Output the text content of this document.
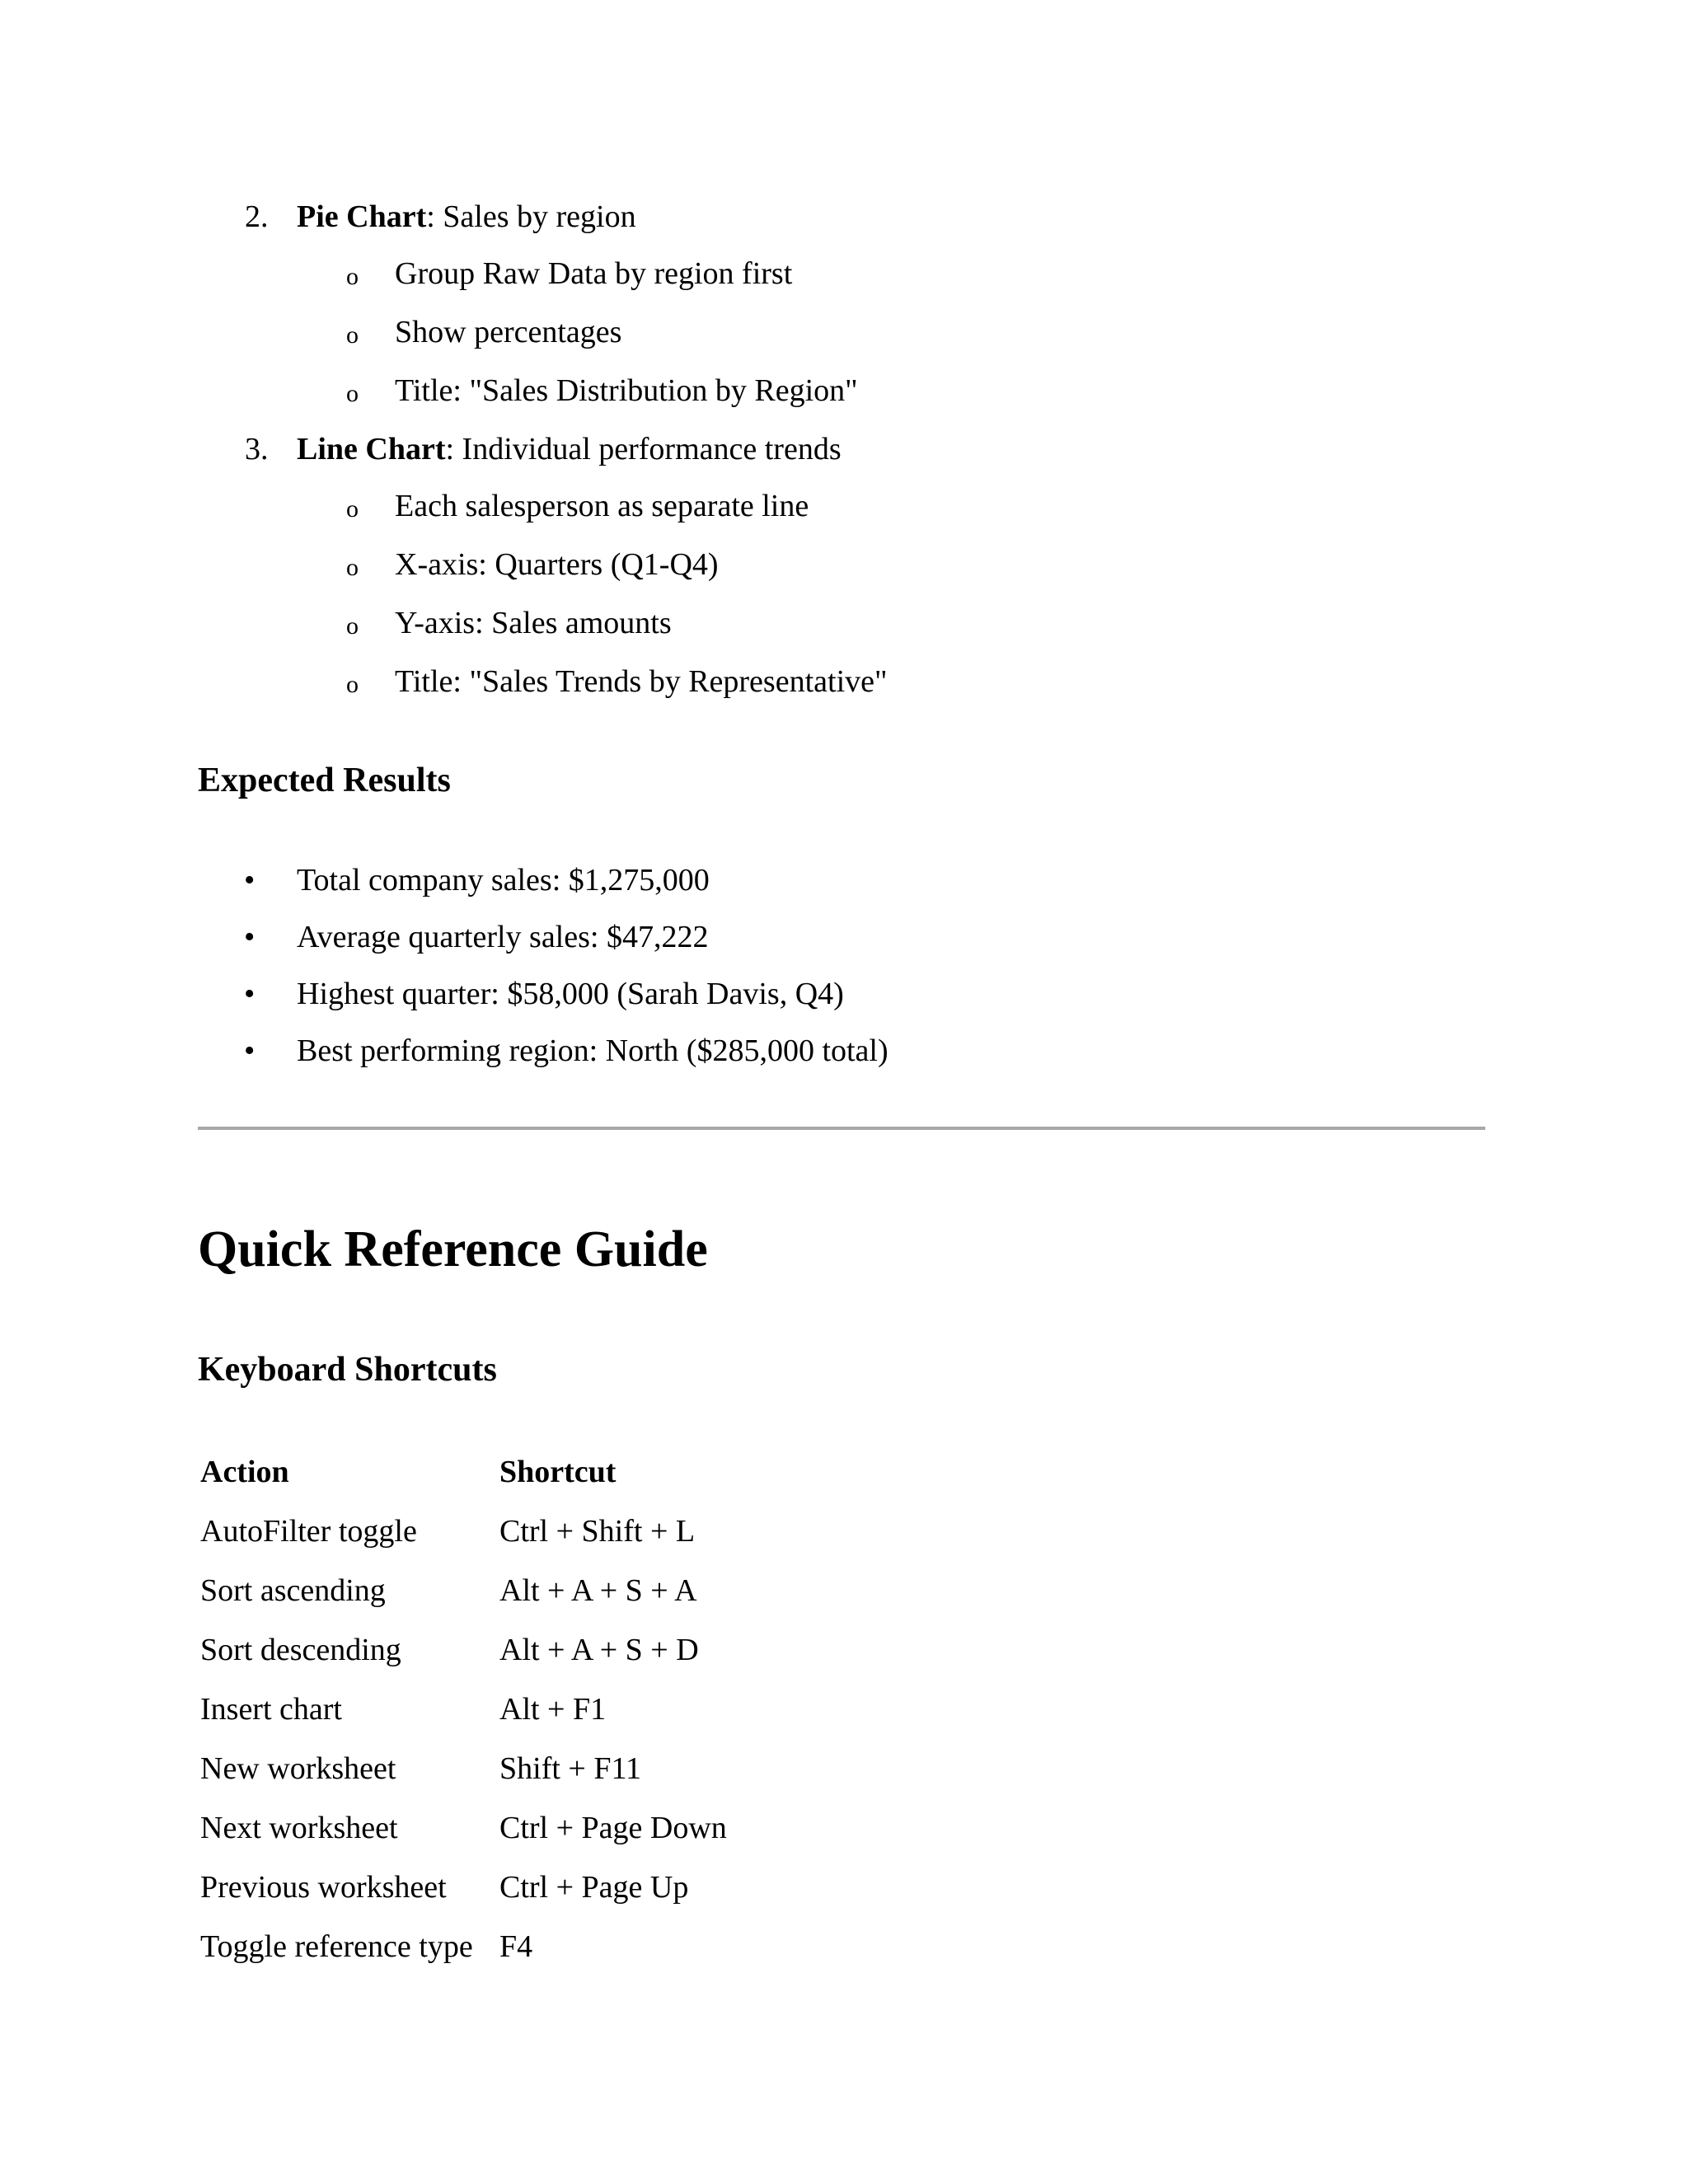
2. Pie Chart: Sales by region
o Group Raw Data by region first
o Show percentages
o Title: "Sales Distribution by Region"
3. Line Chart: Individual performance trends
o Each salesperson as separate line
o X-axis: Quarters (Q1-Q4)
o Y-axis: Sales amounts
o Title: "Sales Trends by Representative"
Expected Results
• Total company sales: $1,275,000
• Average quarterly sales: $47,222
• Highest quarter: $58,000 (Sarah Davis, Q4)
• Best performing region: North ($285,000 total)
Quick Reference Guide
Keyboard Shortcuts
Action	Shortcut
AutoFilter toggle	Ctrl + Shift + L
Sort ascending	Alt + A + S + A
Sort descending	Alt + A + S + D
Insert chart	Alt + F1
New worksheet	Shift + F11
Next worksheet	Ctrl + Page Down
Previous worksheet Ctrl + Page Up
Toggle reference type F4
